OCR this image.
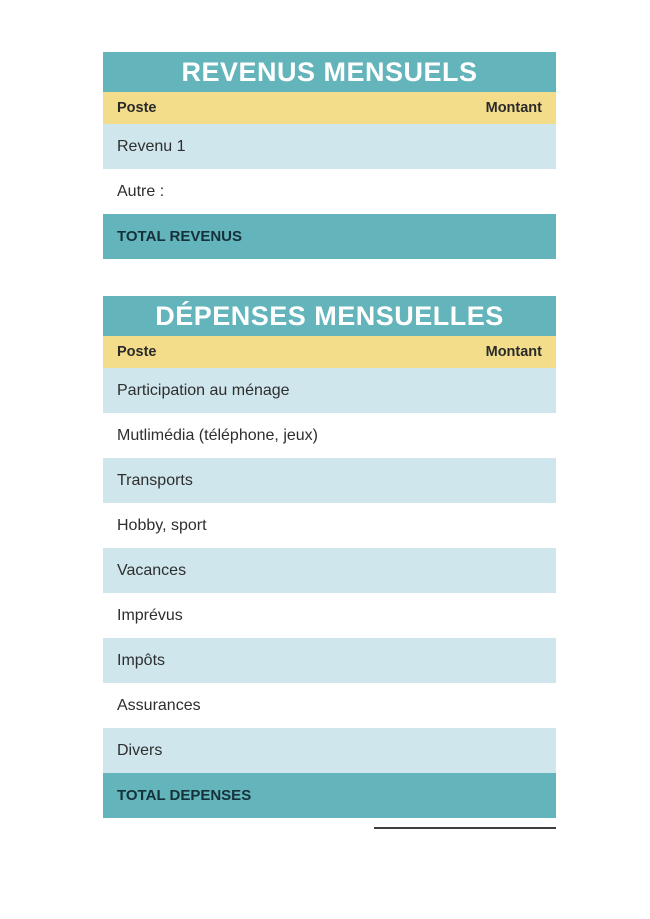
REVENUS MENSUELS
Poste	Montant
Revenu 1
Autre :
TOTAL REVENUS
DÉPENSES MENSUELLES
Poste	Montant
Participation au ménage
Mutlimédia (téléphone, jeux)
Transports
Hobby, sport
Vacances
Imprévus
Impôts
Assurances
Divers
TOTAL DEPENSES
